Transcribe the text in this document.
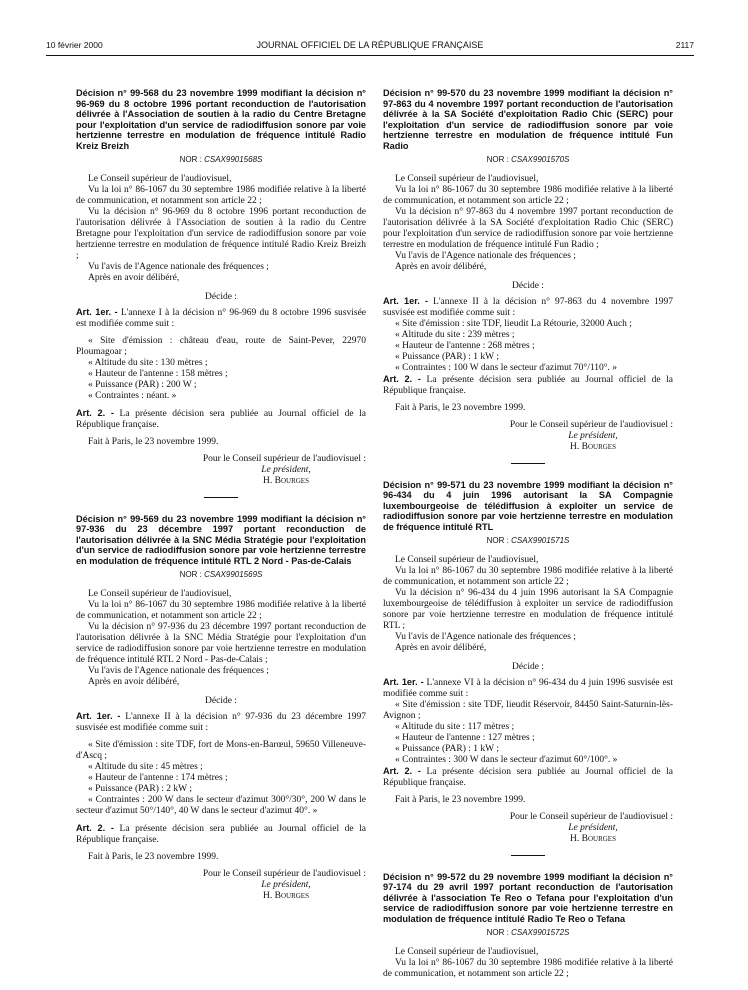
10 février 2000	JOURNAL OFFICIEL DE LA RÉPUBLIQUE FRANÇAISE	2117

Décision n° 99-568 du 23 novembre 1999 modifiant la décision n° 96-969 du 8 octobre 1996 portant reconduction de l'autorisation délivrée à l'Association de soutien à la radio du Centre Bretagne pour l'exploitation d'un service de radiodiffusion sonore par voie hertzienne terrestre en modulation de fréquence intitulé Radio Kreiz Breizh

NOR : CSAX9901568S

Le Conseil supérieur de l'audiovisuel,

Vu la loi n° 86-1067 du 30 septembre 1986 modifiée relative à la liberté de communication, et notamment son article 22 ;

Vu la décision n° 96-969 du 8 octobre 1996 portant reconduction de l'autorisation délivrée à l'Association de soutien à la radio du Centre Bretagne pour l'exploitation d'un service de radiodiffusion sonore par voie hertzienne terrestre en modulation de fréquence intitulé Radio Kreiz Breizh ;

Vu l'avis de l'Agence nationale des fréquences ;

Après en avoir délibéré,

Décide :

Art. 1er. - L'annexe I à la décision n° 96-969 du 8 octobre 1996 susvisée est modifiée comme suit :

« Site d'émission : château d'eau, route de Saint-Pever, 22970 Ploumagoar ;

« Altitude du site : 130 mètres ;

« Hauteur de l'antenne : 158 mètres ;

« Puissance (PAR) : 200 W ;

« Contraintes : néant. »

Art. 2. - La présente décision sera publiée au Journal officiel de la République française.

Fait à Paris, le 23 novembre 1999.

Pour le Conseil supérieur de l'audiovisuel :

Le président,

H. Bourges

Décision n° 99-569 du 23 novembre 1999 modifiant la décision n° 97-936 du 23 décembre 1997 portant reconduction de l'autorisation délivrée à la SNC Média Stratégie pour l'exploitation d'un service de radiodiffusion sonore par voie hertzienne terrestre en modulation de fréquence intitulé RTL 2 Nord - Pas-de-Calais

NOR : CSAX9901569S

Le Conseil supérieur de l'audiovisuel,

Vu la loi n° 86-1067 du 30 septembre 1986 modifiée relative à la liberté de communication, et notamment son article 22 ;

Vu la décision n° 97-936 du 23 décembre 1997 portant reconduction de l'autorisation délivrée à la SNC Média Stratégie pour l'exploitation d'un service de radiodiffusion sonore par voie hertzienne terrestre en modulation de fréquence intitulé RTL 2 Nord - Pas-de-Calais ;

Vu l'avis de l'Agence nationale des fréquences ;

Après en avoir délibéré,

Décide :

Art. 1er. - L'annexe II à la décision n° 97-936 du 23 décembre 1997 susvisée est modifiée comme suit :

« Site d'émission : site TDF, fort de Mons-en-Barœul, 59650 Villeneuve-d'Ascq ;

« Altitude du site : 45 mètres ;

« Hauteur de l'antenne : 174 mètres ;

« Puissance (PAR) : 2 kW ;

« Contraintes : 200 W dans le secteur d'azimut 300°/30°, 200 W dans le secteur d'azimut 50°/140°, 40 W dans le secteur d'azimut 40°. »

Art. 2. - La présente décision sera publiée au Journal officiel de la République française.

Fait à Paris, le 23 novembre 1999.

Pour le Conseil supérieur de l'audiovisuel :

Le président,

H. Bourges

Décision n° 99-570 du 23 novembre 1999 modifiant la décision n° 97-863 du 4 novembre 1997 portant reconduction de l'autorisation délivrée à la SA Société d'exploitation Radio Chic (SERC) pour l'exploitation d'un service de radiodiffusion sonore par voie hertzienne terrestre en modulation de fréquence intitulé Fun Radio

NOR : CSAX9901570S

Le Conseil supérieur de l'audiovisuel,

Vu la loi n° 86-1067 du 30 septembre 1986 modifiée relative à la liberté de communication, et notamment son article 22 ;

Vu la décision n° 97-863 du 4 novembre 1997 portant reconduction de l'autorisation délivrée à la SA Société d'exploitation Radio Chic (SERC) pour l'exploitation d'un service de radiodiffusion sonore par voie hertzienne terrestre en modulation de fréquence intitulé Fun Radio ;

Vu l'avis de l'Agence nationale des fréquences ;

Après en avoir délibéré,

Décide :

Art. 1er. - L'annexe II à la décision n° 97-863 du 4 novembre 1997 susvisée est modifiée comme suit :

« Site d'émission : site TDF, lieudit La Rétourie, 32000 Auch ;

« Altitude du site : 239 mètres ;

« Hauteur de l'antenne : 268 mètres ;

« Puissance (PAR) : 1 kW ;

« Contraintes : 100 W dans le secteur d'azimut 70°/110°. »

Art. 2. - La présente décision sera publiée au Journal officiel de la République française.

Fait à Paris, le 23 novembre 1999.

Pour le Conseil supérieur de l'audiovisuel :

Le président,

H. Bourges

Décision n° 99-571 du 23 novembre 1999 modifiant la décision n° 96-434 du 4 juin 1996 autorisant la SA Compagnie luxembourgeoise de télédiffusion à exploiter un service de radiodiffusion sonore par voie hertzienne terrestre en modulation de fréquence intitulé RTL

NOR : CSAX9901571S

Le Conseil supérieur de l'audiovisuel,

Vu la loi n° 86-1067 du 30 septembre 1986 modifiée relative à la liberté de communication, et notamment son article 22 ;

Vu la décision n° 96-434 du 4 juin 1996 autorisant la SA Compagnie luxembourgeoise de télédiffusion à exploiter un service de radiodiffusion sonore par voie hertzienne terrestre en modulation de fréquence intitulé RTL ;

Vu l'avis de l'Agence nationale des fréquences ;

Après en avoir délibéré,

Décide :

Art. 1er. - L'annexe VI à la décision n° 96-434 du 4 juin 1996 susvisée est modifiée comme suit :

« Site d'émission : site TDF, lieudit Réservoir, 84450 Saint-Saturnin-lès-Avignon ;

« Altitude du site : 117 mètres ;

« Hauteur de l'antenne : 127 mètres ;

« Puissance (PAR) : 1 kW ;

« Contraintes : 300 W dans le secteur d'azimut 60°/100°. »

Art. 2. - La présente décision sera publiée au Journal officiel de la République française.

Fait à Paris, le 23 novembre 1999.

Pour le Conseil supérieur de l'audiovisuel :

Le président,

H. Bourges

Décision n° 99-572 du 29 novembre 1999 modifiant la décision n° 97-174 du 29 avril 1997 portant reconduction de l'autorisation délivrée à l'association Te Reo o Tefana pour l'exploitation d'un service de radiodiffusion sonore par voie hertzienne terrestre en modulation de fréquence intitulé Radio Te Reo o Tefana

NOR : CSAX9901572S

Le Conseil supérieur de l'audiovisuel,

Vu la loi n° 86-1067 du 30 septembre 1986 modifiée relative à la liberté de communication, et notamment son article 22 ;
